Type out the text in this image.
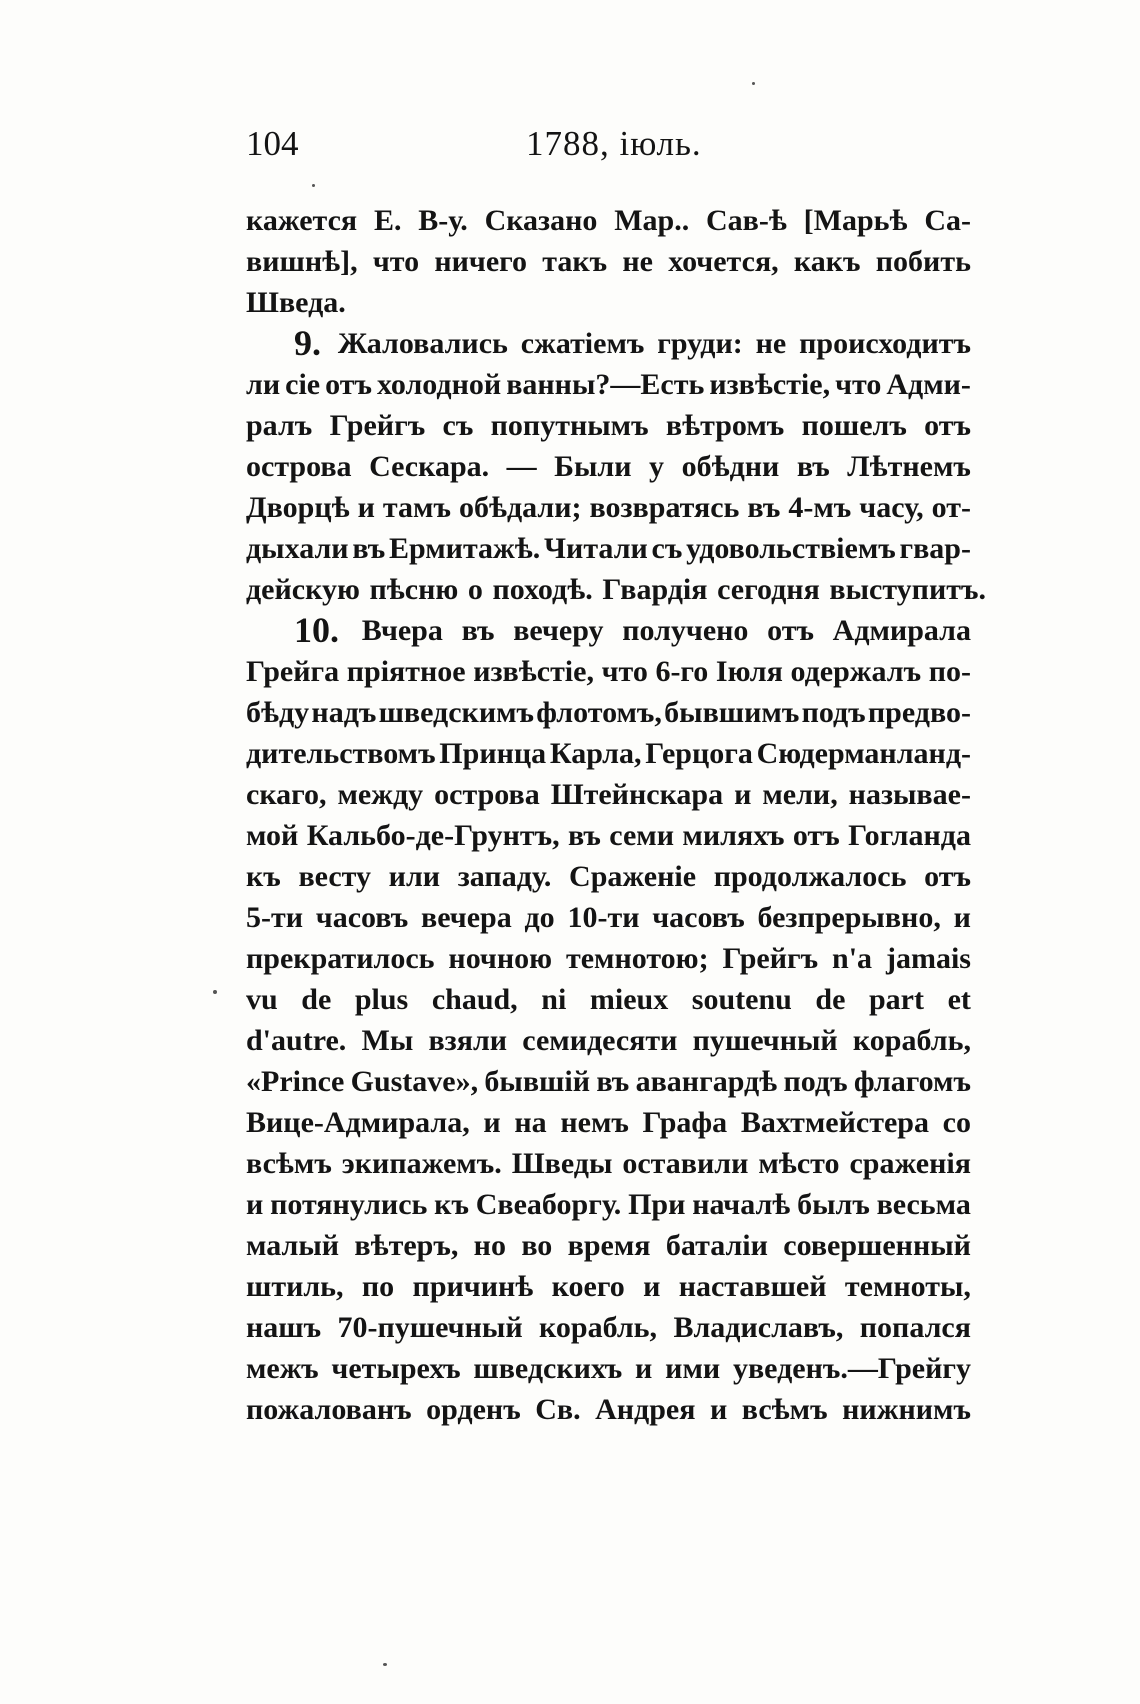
104	1788, іюль.
кажется Е. В-у. Сказано Мар.. Сав-ѣ [Марьѣ Са-
вишнѣ], что ничего такъ не хочется, какъ побить
Шведа.
9. Жаловались сжатіемъ груди: не происходитъ
ли сіе отъ холодной ванны?—Есть извѣстіе, что Адми-
ралъ Грейгъ съ попутнымъ вѣтромъ пошелъ отъ
острова Сескара. — Были у обѣдни въ Лѣтнемъ
Дворцѣ и тамъ обѣдали; возвратясь въ 4-мъ часу, от-
дыхали въ Ермитажѣ. Читали съ удовольствіемъ гвар-
дейскую пѣсню о походѣ. Гвардія сегодня выступитъ.
10. Вчера въ вечеру получено отъ Адмирала
Грейга пріятное извѣстіе, что 6-го Іюля одержалъ по-
бѣду надъ шведскимъ флотомъ, бывшимъ подъ предво-
дительствомъ Принца Карла, Герцога Сюдерманланд-
скаго, между острова Штейнскара и мели, называе-
мой Кальбо-де-Грунтъ, въ семи миляхъ отъ Гогланда
къ весту или западу. Сраженіе продолжалось отъ
5-ти часовъ вечера до 10-ти часовъ безпрерывно, и
прекратилось ночною темнотою; Грейгъ n'a jamais
vu de plus chaud, ni mieux soutenu de part et
d'autre. Мы взяли семидесяти пушечный корабль,
«Prince Gustave», бывшій въ авангардѣ подъ флагомъ
Вице-Адмирала, и на немъ Графа Вахтмейстера со
всѣмъ экипажемъ. Шведы оставили мѣсто сраженія
и потянулись къ Свеаборгу. При началѣ былъ весьма
малый вѣтеръ, но во время баталіи совершенный
штиль, по причинѣ коего и наставшей темноты,
нашъ 70-пушечный корабль, Владиславъ, попался
межъ четырехъ шведскихъ и ими уведенъ.—Грейгу
пожалованъ орденъ Св. Андрея и всѣмъ нижнимъ
